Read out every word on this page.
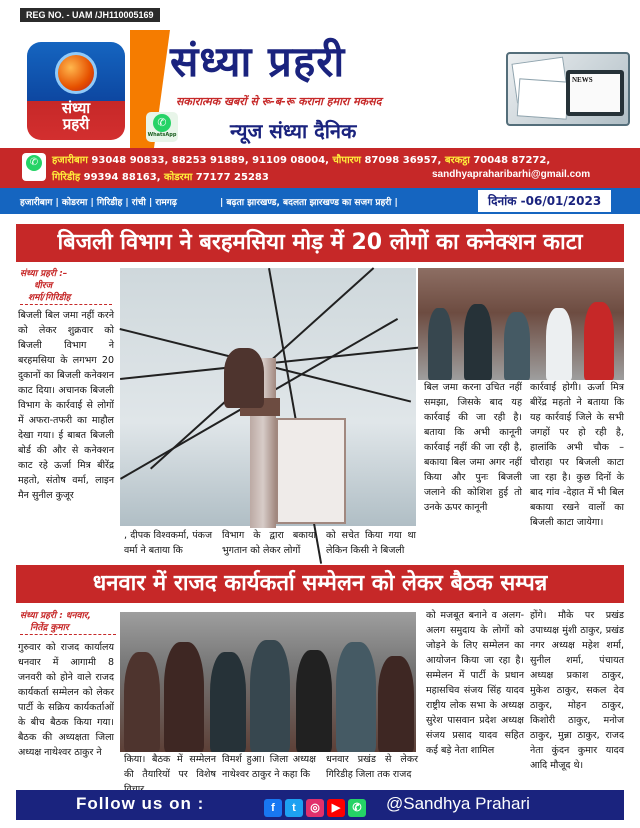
REG NO. - UAM /JH110005169
संध्या
प्रहरी
संध्या प्रहरी
सकारात्मक खबरों से रू-ब-रू कराना हमारा मकसद
✆
WhatsApp	न्यूज संध्या दैनिक
NEWS
✆	हजारीबाग 93048 90833, 88253 91889, 91109 08004, चौपारण 87098 36957, बरकट्ठा 70048 87272,
गिरिडीह 99394 88163, कोडरमा 77177 25283	sandhyapraharibarhi@gmail.com
हजारीबाग | कोडरमा | गिरिडीह | रांची | रामगढ़	| बढ़ता झारखण्ड, बदलता झारखण्ड का सजग प्रहरी |	दिनांक -06/01/2023
बिजली विभाग ने बरहमसिया मोड़ में 20 लोगों का कनेक्शन काटा
संध्या प्रहरी :–
धीरज
शर्मा/गिरिडीह
बिजली बिल जमा नहीं करने को लेकर शुक्रवार को बिजली विभाग ने बरहमसिया के लगभग 20 दुकानों का बिजली कनेक्शन काट दिया। अचानक बिजली विभाग के कार्रवाई से लोगों में अफरा-तफरी का माहौल देखा गया। ई बाबत बिजली बोर्ड की और से कनेक्शन काट रहे ऊर्जा मित्र बीरेंद्र महतो, संतोष वर्मा, लाइन मैन सुनील कुजूर
, दीपक विश्वकर्मा, पंकज वर्मा ने बताया कि
विभाग के द्वारा बकाया भुगतान को लेकर लोगों
को सचेत किया गया था लेकिन किसी ने बिजली
बिल जमा करना उचित नहीं समझा, जिसके बाद यह कार्रवाई की जा रही है। बताया कि अभी कानूनी कार्रवाई नहीं की जा रही है, बकाया बिल जमा अगर नहीं किया और पुनः बिजली जलाने की कोशिश हुई तो उनके ऊपर कानूनी
कार्रवाई होगी। ऊर्जा मित्र बीरेंद्र महतो ने बताया कि यह कार्रवाई जिले के सभी जगहों पर हो रही है, हालांकि अभी चौक –चौराहा पर बिजली काटा जा रहा है। कुछ दिनों के बाद गांव -देहात में भी बिल बकाया रखने वालों का बिजली काटा जायेगा।
धनवार में राजद कार्यकर्ता सम्मेलन को लेकर बैठक सम्पन्न
संध्या प्रहरी : धनवार,

नितेंद्र कुमार
गुरुवार को राजद कार्यालय धनवार में आगामी 8 जनवरी को होने वाले राजद कार्यकर्ता सम्मेलन को लेकर पार्टी के सक्रिय कार्यकर्ताओं के बीच बैठक किया गया। बैठक की अध्यक्षता जिला अध्यक्ष नाथेश्वर ठाकुर ने
किया। बैठक में सम्मेलन की तैयारियों पर विशेष
विमर्श हुआ। जिला अध्यक्ष नाथेश्वर ठाकुर ने कहा कि
धनवार प्रखंड से लेकर गिरिडीह जिला तक राजद
को मजबूत बनाने व अलग-अलग समुदाय के लोगों को जोड़ने के लिए सम्मेलन का आयोजन किया जा रहा है। सम्मेलन में पार्टी के प्रधान महासचिव संजय सिंह यादव राष्ट्रीय लोक सभा के अध्यक्ष सुरेश पासवान प्रदेश अध्यक्ष संजय प्रसाद यादव सहित कई बड़े नेता शामिल
होंगे। मौके पर प्रखंड उपाध्यक्ष मुंशी ठाकुर, प्रखंड नगर अध्यक्ष महेश शर्मा, सुनील शर्मा, पंचायत अध्यक्ष प्रकाश ठाकुर, मुकेश ठाकुर, सकल देव ठाकुर, मोहन ठाकुर, किशोरी ठाकुर, मनोज ठाकुर, मुन्ना ठाकुर, राजद नेता कुंदन कुमार यादव आदि मौजूद थे।
Follow us on :	f t ◎ ▶ ✆	@Sandhya Prahari
